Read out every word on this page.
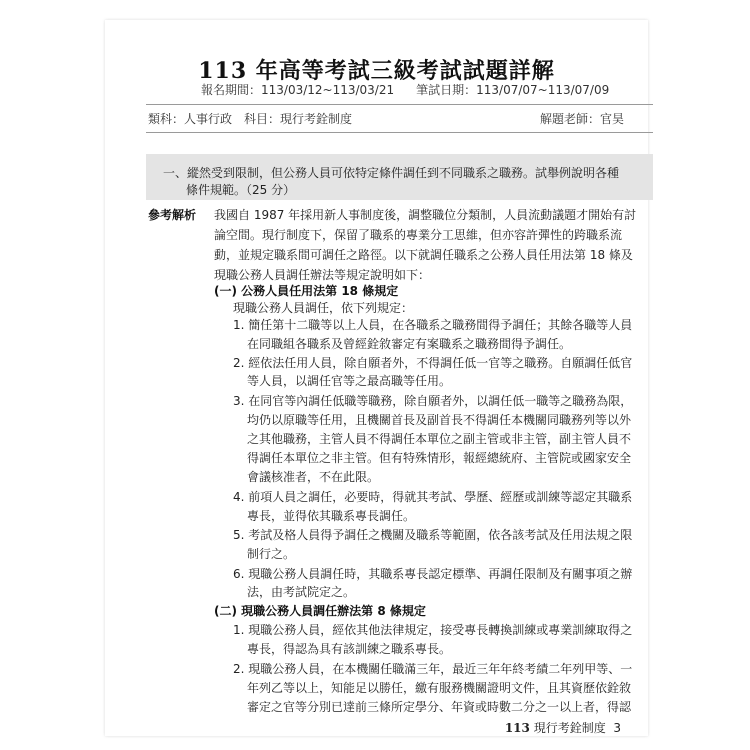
113 年高等考試三級考試試題詳解
報名期間：113/03/12~113/03/21 筆試日期：113/07/07~113/07/09
類科：人事行政　科目：現行考銓制度	解題老師：官昊
一、縱然受到限制，但公務人員可依特定條件調任到不同職系之職務。試舉例說明各種
條件規範。（25 分）
參考解析 我國自 1987 年採用新人事制度後，調整職位分類制，人員流動議題才開始有討
論空間。現行制度下，保留了職系的專業分工思維，但亦容許彈性的跨職系流
動，並規定職系間可調任之路徑。以下就調任職系之公務人員任用法第 18 條及
現職公務人員調任辦法等規定說明如下：
(一) 公務人員任用法第 18 條規定
現職公務人員調任，依下列規定：
1. 簡任第十二職等以上人員，在各職系之職務間得予調任；其餘各職等人員
在同職組各職系及曾經銓敘審定有案職系之職務間得予調任。
2. 經依法任用人員，除自願者外，不得調任低一官等之職務。自願調任低官
等人員，以調任官等之最高職等任用。
3. 在同官等內調任低職等職務，除自願者外，以調任低一職等之職務為限，
均仍以原職等任用，且機關首長及副首長不得調任本機關同職務列等以外
之其他職務，主管人員不得調任本單位之副主管或非主管，副主管人員不
得調任本單位之非主管。但有特殊情形，報經總統府、主管院或國家安全
會議核准者，不在此限。
4. 前項人員之調任，必要時，得就其考試、學歷、經歷或訓練等認定其職系
專長，並得依其職系專長調任。
5. 考試及格人員得予調任之機關及職系等範圍，依各該考試及任用法規之限
制行之。
6. 現職公務人員調任時，其職系專長認定標準、再調任限制及有關事項之辦
法，由考試院定之。
(二) 現職公務人員調任辦法第 8 條規定
1. 現職公務人員，經依其他法律規定，接受專長轉換訓練或專業訓練取得之
專長，得認為具有該訓練之職系專長。
2. 現職公務人員，在本機關任職滿三年，最近三年年終考績二年列甲等、一
年列乙等以上，知能足以勝任，繳有服務機關證明文件，且其資歷依銓敘
審定之官等分別已達前三條所定學分、年資或時數二分之一以上者，得認
113 現行考銓制度 3
